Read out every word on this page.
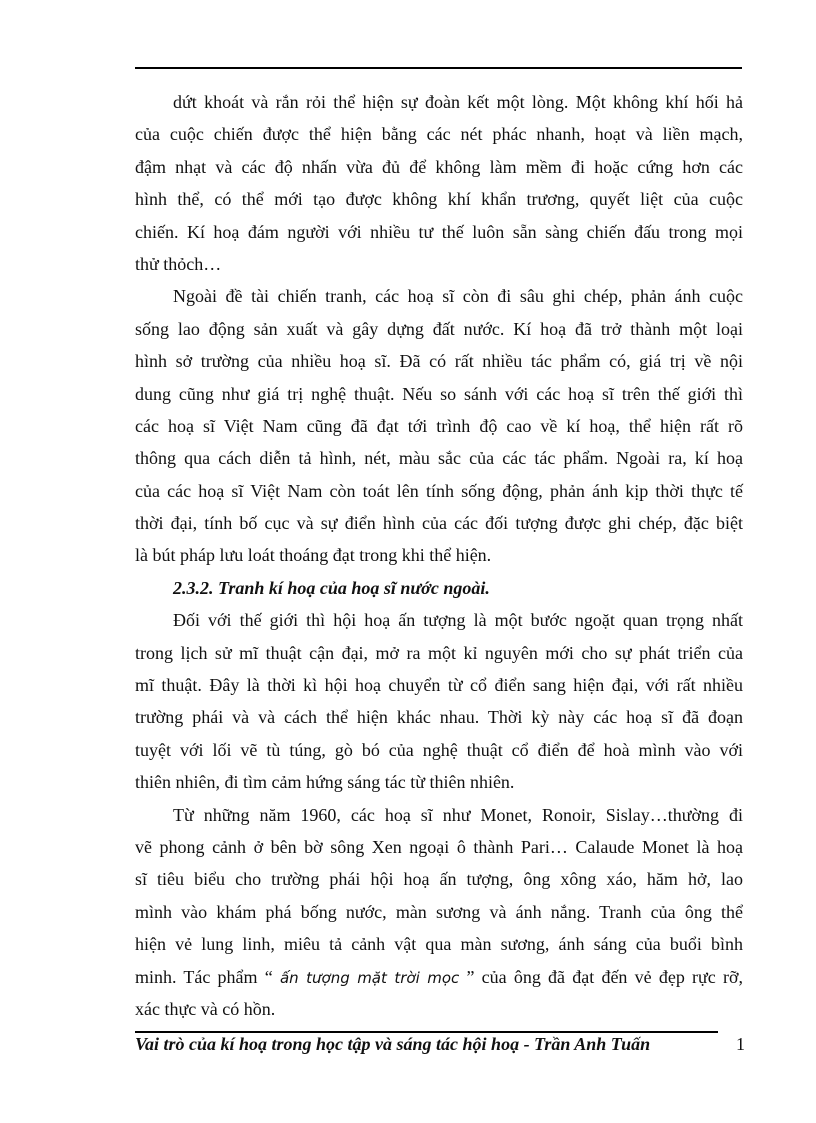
dứt khoát và rắn rỏi thể hiện sự đoàn kết một lòng. Một không khí hối hả
của cuộc chiến được thể hiện bằng các nét phác nhanh, hoạt và liền mạch,
đậm nhạt và các độ nhấn vừa đủ để không làm mềm đi hoặc cứng hơn các
hình thể, có thể mới tạo được không khí khẩn trương, quyết liệt của cuộc
chiến. Kí hoạ đám người với nhiều tư thế luôn sẵn sàng chiến đấu trong mọi
thử thỏch…
Ngoài đề tài chiến tranh, các hoạ sĩ còn đi sâu ghi chép, phản ánh cuộc
sống lao động sản xuất và gây dựng đất nước. Kí hoạ đã trở thành một loại
hình sở trường của nhiều hoạ sĩ. Đã có rất nhiều tác phẩm có, giá trị về nội
dung cũng như giá trị nghệ thuật. Nếu so sánh với các hoạ sĩ trên thế giới thì
các hoạ sĩ Việt Nam cũng đã đạt tới trình độ cao về kí hoạ, thể hiện rất rõ
thông qua cách diễn tả hình, nét, màu sắc của các tác phẩm. Ngoài ra, kí hoạ
của các hoạ sĩ Việt Nam còn toát lên tính sống động, phản ánh kịp thời thực tế
thời đại, tính bố cục và sự điển hình của các đối tượng được ghi chép, đặc biệt
là bút pháp lưu loát thoáng đạt trong khi thể hiện.
2.3.2. Tranh kí hoạ của hoạ sĩ nước ngoài.
Đối với thế giới thì hội hoạ ấn tượng là một bước ngoặt quan trọng nhất
trong lịch sử mĩ thuật cận đại, mở ra một kỉ nguyên mới cho sự phát triển của
mĩ thuật. Đây là thời kì hội hoạ chuyển từ cổ điển sang hiện đại, với rất nhiều
trường phái và và cách thể hiện khác nhau. Thời kỳ này các hoạ sĩ đã đoạn
tuyệt với lối vẽ tù túng, gò bó của nghệ thuật cổ điển để hoà mình vào với
thiên nhiên, đi tìm cảm hứng sáng tác từ thiên nhiên.
Từ những năm 1960, các hoạ sĩ như Monet, Ronoir, Sislay…thường đi
vẽ phong cảnh ở bên bờ sông Xen ngoại ô thành Pari… Calaude Monet là hoạ
sĩ tiêu biểu cho trường phái hội hoạ ấn tượng, ông xông xáo, hăm hở, lao
mình vào khám phá bống nước, màn sương và ánh nắng. Tranh của ông thể
hiện vẻ lung linh, miêu tả cảnh vật qua màn sương, ánh sáng của buổi bình
minh. Tác phẩm “ ấn tượng mặt trời mọc ” của ông đã đạt đến vẻ đẹp rực rỡ,
xác thực và có hồn.
Vai trò của kí hoạ trong học tập và sáng tác hội hoạ - Trần Anh Tuấn	1
